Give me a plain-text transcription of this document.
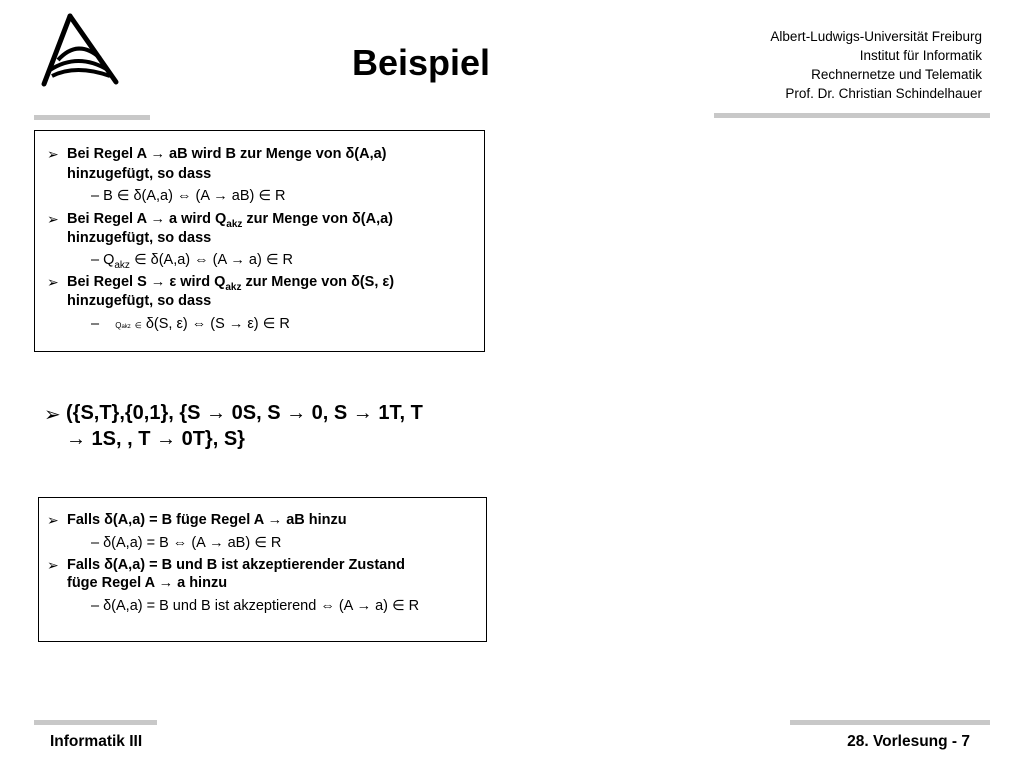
Beispiel
Albert-Ludwigs-Universität Freiburg
Institut für Informatik
Rechnernetze und Telematik
Prof. Dr. Christian Schindelhauer
➢ Bei Regel A → aB wird B zur Menge von δ(A,a)
hinzugefügt, so dass
– B ∈ δ(A,a) ⇔ (A → aB) ∈ R
➢ Bei Regel A → a wird $Q_{akz}$ zur Menge von δ(A,a)
hinzugefügt, so dass
– $Q_{akz}$ ∈ δ(A,a) ⇔ (A → a) ∈ R
➢ Bei Regel S → ε wird $Q_{akz}$ zur Menge von δ(S, ε)
hinzugefügt, so dass
– Qakz ∈ δ(S, ε) ⇔ (S → ε) ∈ R
➢ ({S,T},{0,1}, {S → 0S, S → 0, S → 1T, T
→ 1S, , T → 0T}, S}
➢ Falls δ(A,a) = B füge Regel A → aB hinzu
– δ(A,a) = B ⇔ (A → aB) ∈ R
➢ Falls δ(A,a) = B und B ist akzeptierender Zustand
füge Regel A → a hinzu
– δ(A,a) = B und B ist akzeptierend ⇔ (A → a) ∈ R
Informatik III	28. Vorlesung - 7
